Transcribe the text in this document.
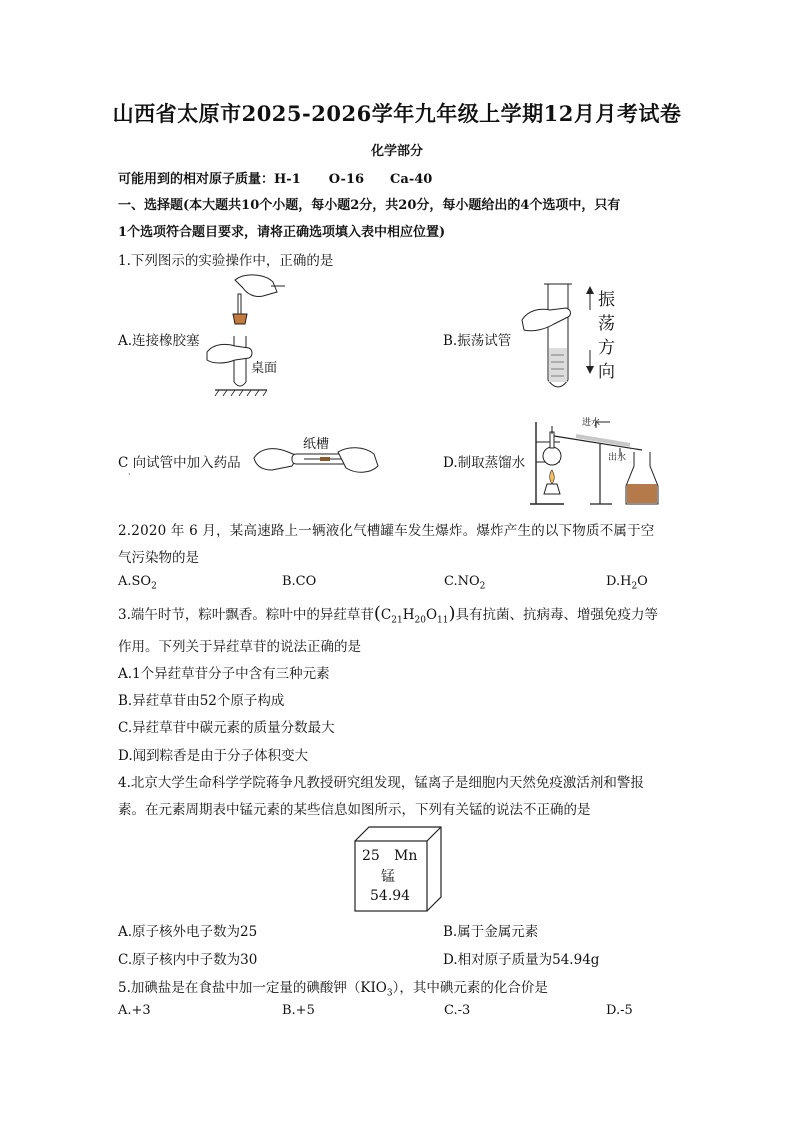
山西省太原市2025-2026学年九年级上学期12月月考试卷
化学部分
可能用到的相对原子质量：H-1 O-16 Ca-40
一、选择题(本大题共10个小题，每小题2分，共20分，每小题给出的4个选项中，只有
1个选项符合题目要求，请将正确选项填入表中相应位置)
1.下列图示的实验操作中，正确的是
桌面
A.连接橡胶塞
振
荡
方
向
B.振荡试管
纸槽
C 向试管中加入药品
·
进水
出水
D.制取蒸馏水
2.2020 年 6 月，某高速路上一辆液化气槽罐车发生爆炸。爆炸产生的以下物质不属于空
气污染物的是
$A.SO_2$	B.CO	$C.NO_2$	$D.H_2O$
3.端午时节，粽叶飘香。粽叶中的异荭草苷$(C_{21}H_{20}O_{11})$具有抗菌、抗病毒、增强免疫力等
作用。下列关于异荭草苷的说法正确的是
A.1个异荭草苷分子中含有三种元素
B.异荭草苷由52个原子构成
C.异荭草苷中碳元素的质量分数最大
D.闻到粽香是由于分子体积变大
4.北京大学生命科学学院蒋争凡教授研究组发现，锰离子是细胞内天然免疫激活剂和警报
素。在元素周期表中锰元素的某些信息如图所示，下列有关锰的说法不正确的是
25 Mn
锰
54.94
A.原子核外电子数为25	B.属于金属元素
C.原子核内中子数为30	D.相对原子质量为54.94g
5.加碘盐是在食盐中加一定量的碘酸钾$(KIO_3)$，其中碘元素的化合价是
A.+3	B.+5	C.-3	D.-5
